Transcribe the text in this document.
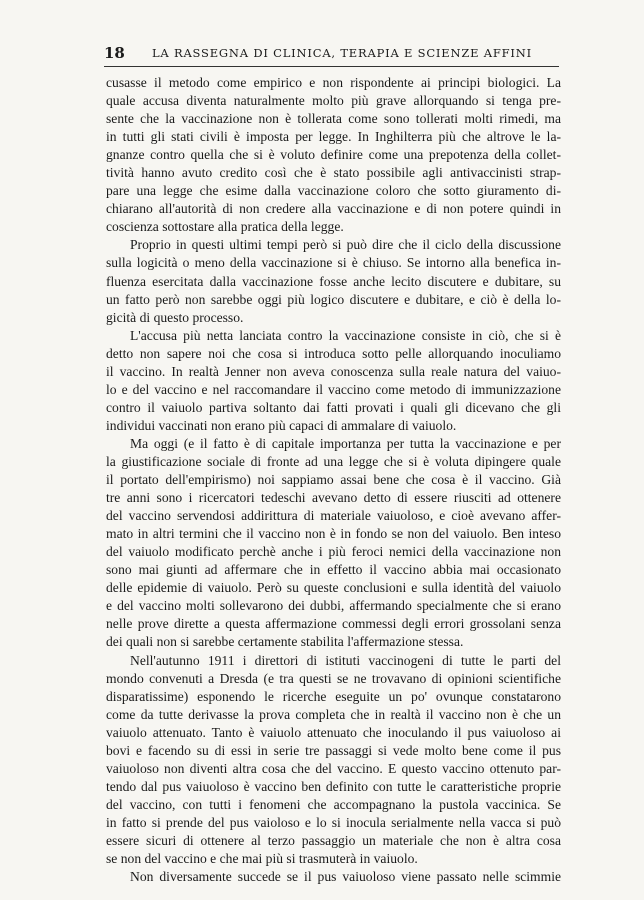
18 LA RASSEGNA DI CLINICA, TERAPIA E SCIENZE AFFINI
cusasse il metodo come empirico e non rispondente ai principi biologici. La
quale accusa diventa naturalmente molto più grave allorquando si tenga pre-
sente che la vaccinazione non è tollerata come sono tollerati molti rimedi, ma
in tutti gli stati civili è imposta per legge. In Inghilterra più che altrove le la-
gnanze contro quella che si è voluto definire come una prepotenza della collet-
tività hanno avuto credito così che è stato possibile agli antivaccinisti strap-
pare una legge che esime dalla vaccinazione coloro che sotto giuramento di-
chiarano all'autorità di non credere alla vaccinazione e di non potere quindi in
coscienza sottostare alla pratica della legge.
Proprio in questi ultimi tempi però si può dire che il ciclo della discussione
sulla logicità o meno della vaccinazione si è chiuso. Se intorno alla benefica in-
fluenza esercitata dalla vaccinazione fosse anche lecito discutere e dubitare, su
un fatto però non sarebbe oggi più logico discutere e dubitare, e ciò è della lo-
gicità di questo processo.
L'accusa più netta lanciata contro la vaccinazione consiste in ciò, che si è
detto non sapere noi che cosa si introduca sotto pelle allorquando inoculiamo
il vaccino. In realtà Jenner non aveva conoscenza sulla reale natura del vaiuo-
lo e del vaccino e nel raccomandare il vaccino come metodo di immunizzazione
contro il vaiuolo partiva soltanto dai fatti provati i quali gli dicevano che gli
individui vaccinati non erano più capaci di ammalare di vaiuolo.
Ma oggi (e il fatto è di capitale importanza per tutta la vaccinazione e per
la giustificazione sociale di fronte ad una legge che si è voluta dipingere quale
il portato dell'empirismo) noi sappiamo assai bene che cosa è il vaccino. Già
tre anni sono i ricercatori tedeschi avevano detto di essere riusciti ad ottenere
del vaccino servendosi addirittura di materiale vaiuoloso, e cioè avevano affer-
mato in altri termini che il vaccino non è in fondo se non del vaiuolo. Ben inteso
del vaiuolo modificato perchè anche i più feroci nemici della vaccinazione non
sono mai giunti ad affermare che in effetto il vaccino abbia mai occasionato
delle epidemie di vaiuolo. Però su queste conclusioni e sulla identità del vaiuolo
e del vaccino molti sollevarono dei dubbi, affermando specialmente che si erano
nelle prove dirette a questa affermazione commessi degli errori grossolani senza
dei quali non si sarebbe certamente stabilita l'affermazione stessa.
Nell'autunno 1911 i direttori di istituti vaccinogeni di tutte le parti del
mondo convenuti a Dresda (e tra questi se ne trovavano di opinioni scientifiche
disparatissime) esponendo le ricerche eseguite un po' ovunque constatarono
come da tutte derivasse la prova completa che in realtà il vaccino non è che un
vaiuolo attenuato. Tanto è vaiuolo attenuato che inoculando il pus vaiuoloso ai
bovi e facendo su di essi in serie tre passaggi si vede molto bene come il pus
vaiuoloso non diventi altra cosa che del vaccino. E questo vaccino ottenuto par-
tendo dal pus vaiuoloso è vaccino ben definito con tutte le caratteristiche proprie
del vaccino, con tutti i fenomeni che accompagnano la pustola vaccinica. Se
in fatto si prende del pus vaioloso e lo si inocula serialmente nella vacca si può
essere sicuri di ottenere al terzo passaggio un materiale che non è altra cosa
se non del vaccino e che mai più si trasmuterà in vaiuolo.
Non diversamente succede se il pus vaiuoloso viene passato nelle scimmie
